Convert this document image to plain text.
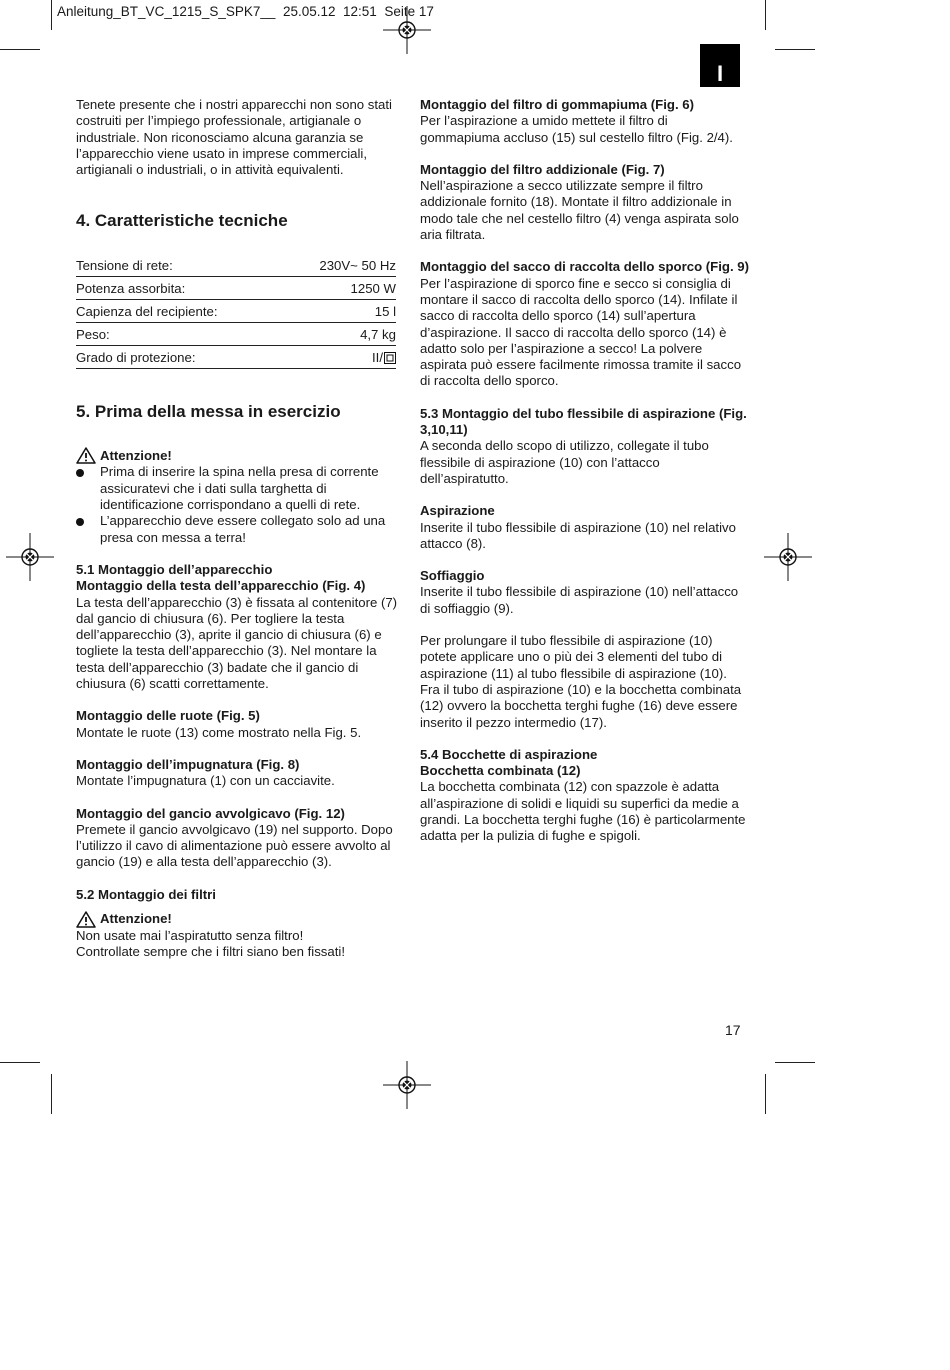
Anleitung_BT_VC_1215_S_SPK7__ 25.05.12 12:51 Seite 17
I

Tenete presente che i nostri apparecchi non sono stati costruiti per l’impiego professionale, artigianale o industriale. Non riconosciamo alcuna garanzia se l’apparecchio viene usato in imprese commerciali, artigianali o industriali, o in attività equivalenti.

4. Caratteristiche tecniche

Tensione di rete:	230V~ 50 Hz
Potenza assorbita:	1250 W
Capienza del recipiente:	15 l
Peso:	4,7 kg
Grado di protezione:	II/

5. Prima della messa in esercizio

Attenzione!
Prima di inserire la spina nella presa di corrente assicuratevi che i dati sulla targhetta di identificazione corrispondano a quelli di rete.
L’apparecchio deve essere collegato solo ad una presa con messa a terra!

5.1 Montaggio dell’apparecchio

Montaggio della testa dell’apparecchio (Fig. 4)

La testa dell’apparecchio (3) è fissata al contenitore (7) dal gancio di chiusura (6). Per togliere la testa dell’apparecchio (3), aprite il gancio di chiusura (6) e togliete la testa dell’apparecchio (3). Nel montare la testa dell’apparecchio (3) badate che il gancio di chiusura (6) scatti correttamente.

Montaggio delle ruote (Fig. 5)

Montate le ruote (13) come mostrato nella Fig. 5.

Montaggio dell’impugnatura (Fig. 8)

Montate l’impugnatura (1) con un cacciavite.

Montaggio del gancio avvolgicavo (Fig. 12)

Premete il gancio avvolgicavo (19) nel supporto. Dopo l’utilizzo il cavo di alimentazione può essere avvolto al gancio (19) e alla testa dell’apparecchio (3).

5.2 Montaggio dei filtri

Attenzione!

Non usate mai l’aspiratutto senza filtro!

Controllate sempre che i filtri siano ben fissati!

Montaggio del filtro di gommapiuma (Fig. 6)

Per l’aspirazione a umido mettete il filtro di gommapiuma accluso (15) sul cestello filtro (Fig. 2/4).

Montaggio del filtro addizionale (Fig. 7)

Nell’aspirazione a secco utilizzate sempre il filtro addizionale fornito (18). Montate il filtro addizionale in modo tale che nel cestello filtro (4) venga aspirata solo aria filtrata.

Montaggio del sacco di raccolta dello sporco (Fig. 9)

Per l’aspirazione di sporco fine e secco si consiglia di montare il sacco di raccolta dello sporco (14). Infilate il sacco di raccolta dello sporco (14) sull’apertura d’aspirazione. Il sacco di raccolta dello sporco (14) è adatto solo per l’aspirazione a secco! La polvere aspirata può essere facilmente rimossa tramite il sacco di raccolta dello sporco.

5.3 Montaggio del tubo flessibile di aspirazione (Fig. 3,10,11)

A seconda dello scopo di utilizzo, collegate il tubo flessibile di aspirazione (10) con l’attacco dell’aspiratutto.

Aspirazione

Inserite il tubo flessibile di aspirazione (10) nel relativo attacco (8).

Soffiaggio

Inserite il tubo flessibile di aspirazione (10) nell’attacco di soffiaggio (9).

Per prolungare il tubo flessibile di aspirazione (10) potete applicare uno o più dei 3 elementi del tubo di aspirazione (11) al tubo flessibile di aspirazione (10). Fra il tubo di aspirazione (10) e la bocchetta combinata (12) ovvero la bocchetta terghi fughe (16) deve essere inserito il pezzo intermedio (17).

5.4 Bocchette di aspirazione

Bocchetta combinata (12)

La bocchetta combinata (12) con spazzole è adatta all’aspirazione di solidi e liquidi su superfici da medie a grandi. La bocchetta terghi fughe (16) è particolarmente adatta per la pulizia di fughe e spigoli.

17
